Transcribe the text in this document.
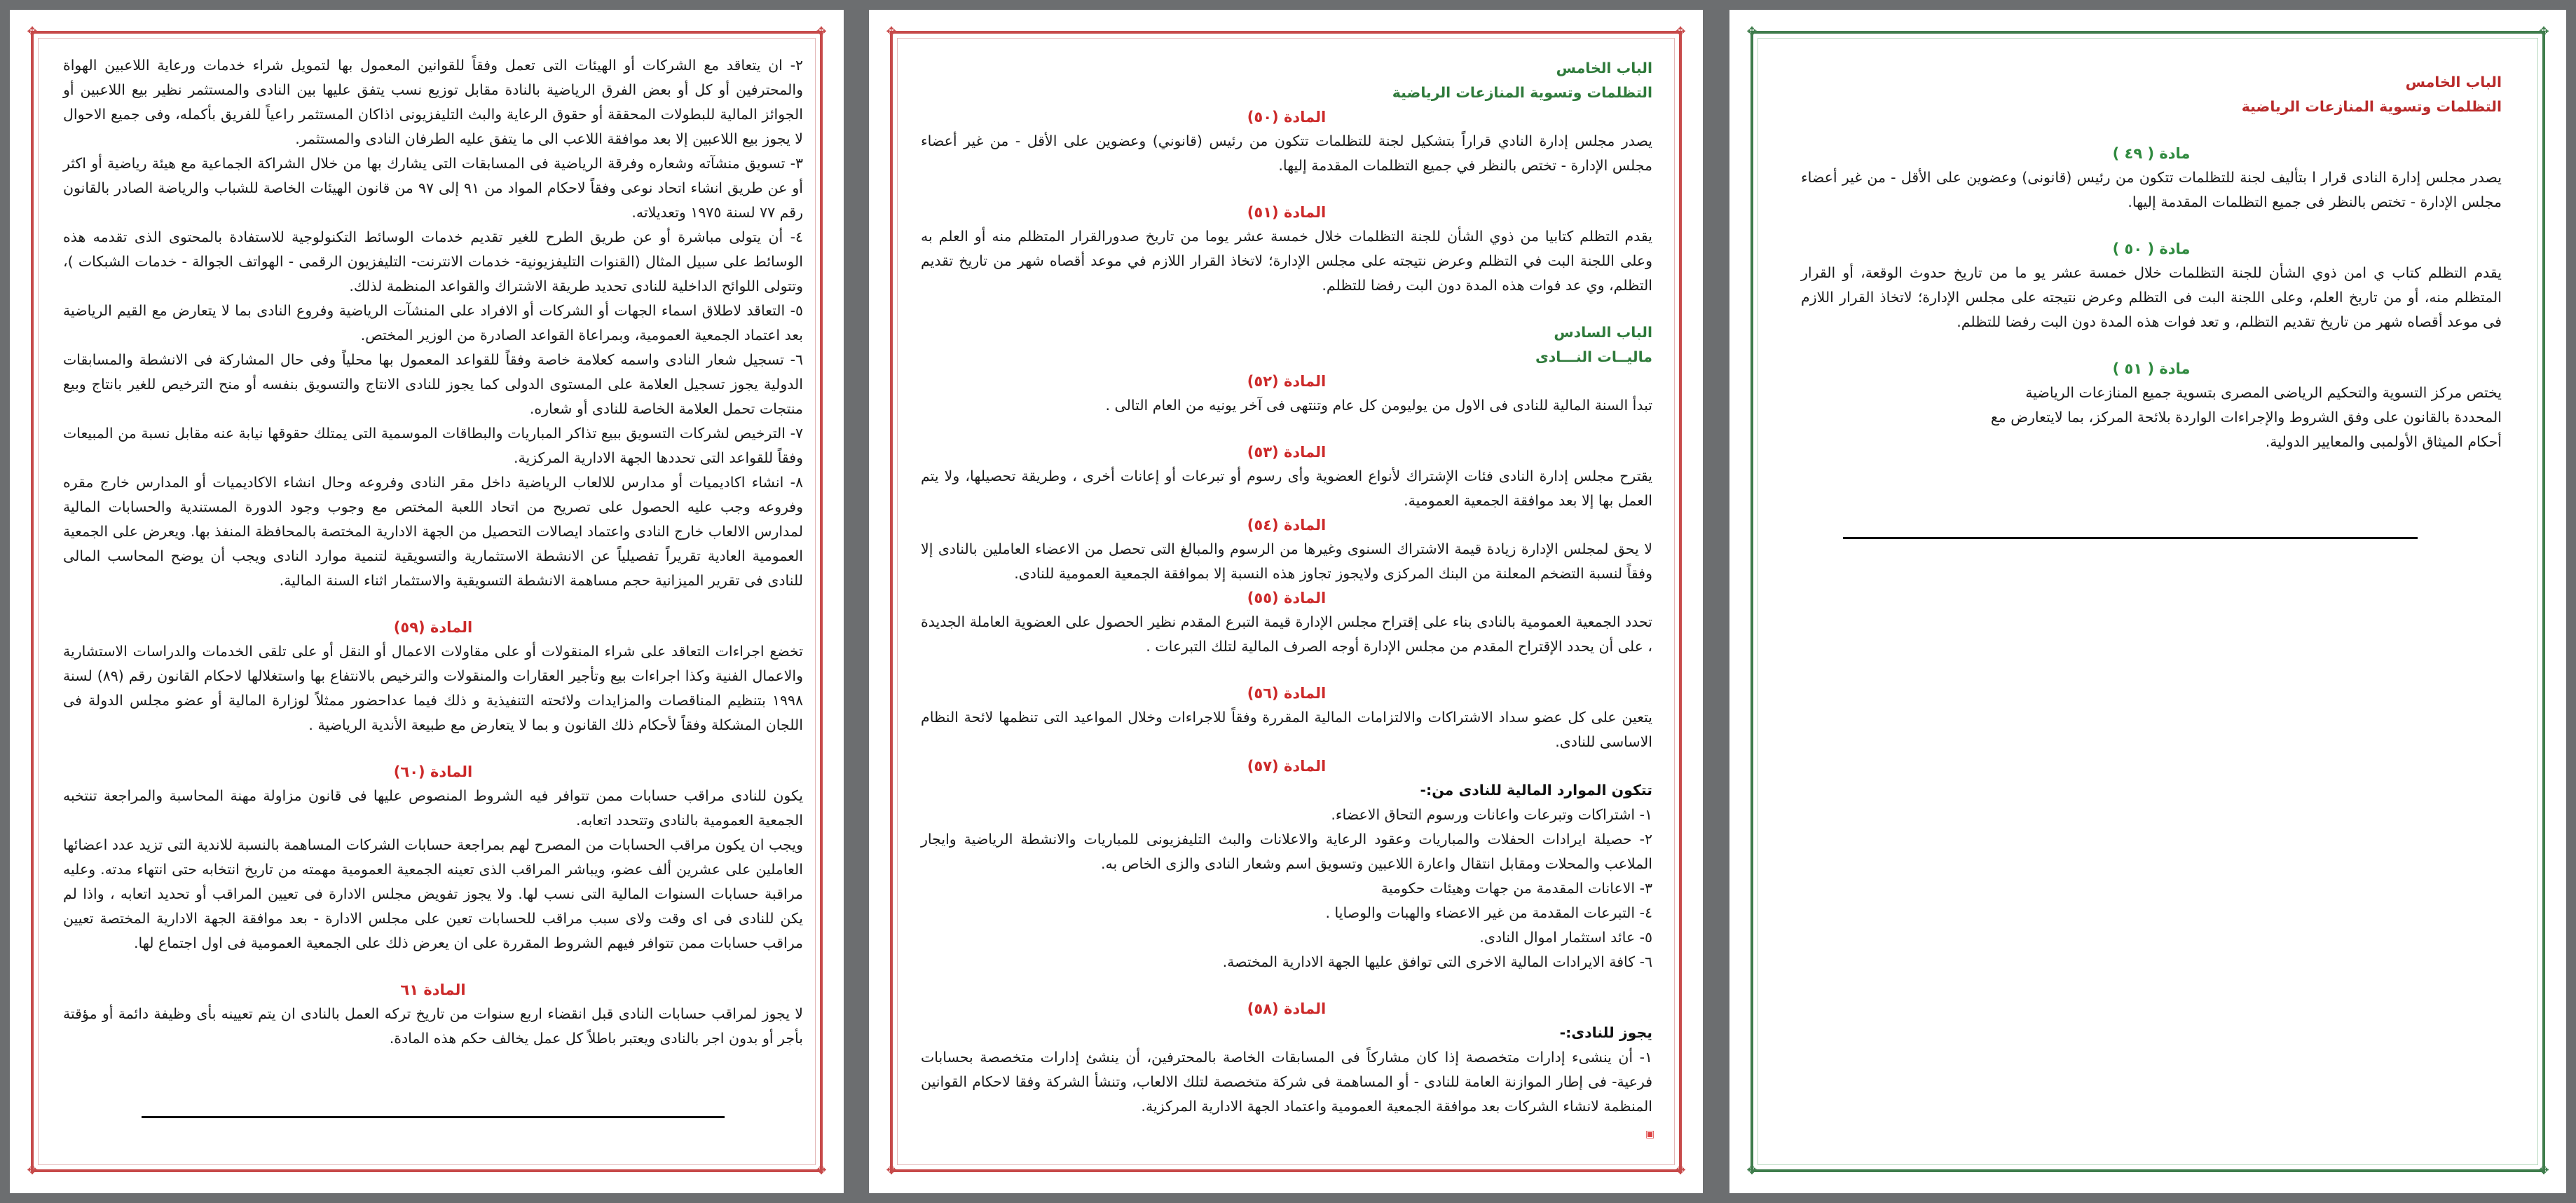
✥	✥
✥	✥

٢- ان يتعاقد مع الشركات أو الهيئات التى تعمل وفقاً للقوانين المعمول بها لتمويل شراء خدمات ورعاية اللاعبين الهواة والمحترفين أو كل أو بعض الفرق الرياضية بالنادة مقابل توزيع نسب يتفق عليها بين النادى والمستثمر نظير بيع اللاعبين أو الجوائز المالية للبطولات المحققة أو حقوق الرعاية والبث التليفزيونى اذاكان المستثمر راعياً للفريق بأكمله، وفى جميع الاحوال لا يجوز بيع اللاعبين إلا بعد موافقة اللاعب الى ما يتفق عليه الطرفان النادى والمستثمر.

٣- تسويق منشآته وشعاره وفرقة الرياضية فى المسابقات التى يشارك بها من خلال الشراكة الجماعية مع هيئة رياضية أو اكثر أو عن طريق انشاء اتحاد نوعى وفقاً لاحكام المواد من ٩١ إلى ٩٧ من قانون الهيئات الخاصة للشباب والرياضة الصادر بالقانون رقم ٧٧ لسنة ١٩٧٥ وتعديلاته.

٤- أن يتولى مباشرة أو عن طريق الطرح للغير تقديم خدمات الوسائط التكنولوجية للاستفادة بالمحتوى الذى تقدمه هذه الوسائط على سبيل المثال (القنوات التليفزيونية- خدمات الانترنت- التليفزيون الرقمى - الهواتف الجوالة - خدمات الشبكات )، وتتولى اللوائح الداخلية للنادى تحديد طريقة الاشتراك والقواعد المنظمة لذلك.

٥- التعاقد لاطلاق اسماء الجهات أو الشركات أو الافراد على المنشآت الرياضية وفروع النادى بما لا يتعارض مع القيم الرياضية بعد اعتماد الجمعية العمومية، وبمراعاة القواعد الصادرة من الوزير المختص.

٦- تسجيل شعار النادى واسمه كعلامة خاصة وفقاً للقواعد المعمول بها محلياً وفى حال المشاركة فى الانشطة والمسابقات الدولية يجوز تسجيل العلامة على المستوى الدولى كما يجوز للنادى الانتاج والتسويق بنفسه أو منح الترخيص للغير بانتاج وبيع منتجات تحمل العلامة الخاصة للنادى أو شعاره.

٧- الترخيص لشركات التسويق ببيع تذاكر المباريات والبطاقات الموسمية التى يمتلك حقوقها نيابة عنه مقابل نسبة من المبيعات وفقاً للقواعد التى تحددها الجهة الادارية المركزية.

٨- انشاء اكاديميات أو مدارس للالعاب الرياضية داخل مقر النادى وفروعه وحال انشاء الاكاديميات أو المدارس خارج مقره وفروعه وجب عليه الحصول على تصريح من اتحاد اللعبة المختص مع وجوب وجود الدورة المستندية والحسابات المالية لمدارس الالعاب خارج النادى واعتماد ايصالات التحصيل من الجهة الادارية المختصة بالمحافظة المنفذ بها. ويعرض على الجمعية العمومية العادية تقريراً تفصيلياً عن الانشطة الاستثمارية والتسويقية لتنمية موارد النادى ويجب أن يوضح المحاسب المالى للنادى فى تقرير الميزانية حجم مساهمة الانشطة التسويقية والاستثمار اثناء السنة المالية.

المادة (٥٩)

تخضع اجراءات التعاقد على شراء المنقولات أو على مقاولات الاعمال أو النقل أو على تلقى الخدمات والدراسات الاستشارية والاعمال الفنية وكذا اجراءات بيع وتأجير العقارات والمنقولات والترخيص بالانتفاع بها واستغلالها لاحكام القانون رقم (٨٩) لسنة ١٩٩٨ بتنظيم المناقصات والمزايدات ولائحته التنفيذية و ذلك فيما عداحضور ممثلاً لوزارة المالية أو عضو مجلس الدولة فى اللجان المشكلة وفقاً لأحكام ذلك القانون و بما لا يتعارض مع طبيعة الأندية الرياضية .

المادة (٦٠)

يكون للنادى مراقب حسابات ممن تتوافر فيه الشروط المنصوص عليها فى قانون مزاولة مهنة المحاسبة والمراجعة تنتخبه الجمعية العمومية بالنادى وتتحدد اتعابه.

ويجب ان يكون مراقب الحسابات من المصرح لهم بمراجعة حسابات الشركات المساهمة بالنسبة للاندية التى تزيد عدد اعضائها العاملين على عشرين ألف عضو، ويباشر المراقب الذى تعينه الجمعية العمومية مهمته من تاريخ انتخابه حتى انتهاء مدته. وعليه مراقبة حسابات السنوات المالية التى نسب لها. ولا يجوز تفويض مجلس الادارة فى تعيين المراقب أو تحديد اتعابه ، واذا لم يكن للنادى فى اى وقت ولاى سبب مراقب للحسابات تعين على مجلس الادارة - بعد موافقة الجهة الادارية المختصة تعيين مراقب حسابات ممن تتوافر فيهم الشروط المقررة على ان يعرض ذلك على الجمعية العمومية فى اول اجتماع لها.

المادة ٦١

لا يجوز لمراقب حسابات النادى قبل انقضاء اربع سنوات من تاريخ تركه العمل بالنادى ان يتم تعيينه بأى وظيفة دائمة أو مؤقتة بأجر أو بدون اجر بالنادى ويعتبر باطلاً كل عمل يخالف حكم هذه المادة.

✥	✥
✥	✥

الباب الخامس

التظلمات وتسوية المنازعات الرياضية

المادة (٥٠)

يصدر مجلس إدارة النادي قراراً بتشكيل لجنة للتظلمات تتكون من رئيس (قانوني) وعضوين على الأقل - من غير أعضاء مجلس الإدارة - تختص بالنظر في جميع التظلمات المقدمة إليها.

المادة (٥١)

يقدم التظلم كتابيا من ذوي الشأن للجنة التظلمات خلال خمسة عشر يوما من تاريخ صدورالقرار المتظلم منه أو العلم به وعلى اللجنة البت في التظلم وعرض نتيجته على مجلس الإدارة؛ لاتخاذ القرار اللازم في موعد أقصاه شهر من تاريخ تقديم التظلم، وي عد فوات هذه المدة دون البت رفضا للتظلم.

الباب السادس

ماليــات النـــادى

المادة (٥٢)

تبدأ السنة المالية للنادى فى الاول من يوليومن كل عام وتنتهى فى آخر يونيه من العام التالى .

المادة (٥٣)

يقترح مجلس إدارة النادى فئات الإشتراك لأنواع العضوية وأى رسوم أو تبرعات أو إعانات أخرى ، وطريقة تحصيلها، ولا يتم العمل بها إلا بعد موافقة الجمعية العمومية.

المادة (٥٤)

لا يحق لمجلس الإدارة زيادة قيمة الاشتراك السنوى وغيرها من الرسوم والمبالغ التى تحصل من الاعضاء العاملين بالنادى إلا وفقاً لنسبة التضخم المعلنة من البنك المركزى ولايجوز تجاوز هذه النسبة إلا بموافقة الجمعية العمومية للنادى.

المادة (٥٥)

تحدد الجمعية العمومية بالنادى بناء على إقتراح مجلس الإدارة قيمة التبرع المقدم نظير الحصول على العضوية العاملة الجديدة ، على أن يحدد الإقتراح المقدم من مجلس الإدارة أوجه الصرف المالية لتلك التبرعات .

المادة (٥٦)

يتعين على كل عضو سداد الاشتراكات والالتزامات المالية المقررة وفقاً للاجراءات وخلال المواعيد التى تنظمها لائحة النظام الاساسى للنادى.

المادة (٥٧)

تتكون الموارد المالية للنادى من:-

١- اشتراكات وتبرعات واعانات ورسوم التحاق الاعضاء.

٢- حصيلة ايرادات الحفلات والمباريات وعقود الرعاية والاعلانات والبث التليفزيونى للمباريات والانشطة الرياضية وايجار الملاعب والمحلات ومقابل انتقال واعارة اللاعبين وتسويق اسم وشعار النادى والزى الخاص به.

٣- الاعانات المقدمة من جهات وهيئات حكومية

٤- التبرعات المقدمة من غير الاعضاء والهبات والوصايا .

٥- عائد استثمار اموال النادى.

٦- كافة الايرادات المالية الاخرى التى توافق عليها الجهة الادارية المختصة.

المادة (٥٨)

يجوز للنادى:-

١- أن ينشىء إدارات متخصصة إذا كان مشاركاً فى المسابقات الخاصة بالمحترفين، أن ينشئ إدارات متخصصة بحسابات فرعية- فى إطار الموازنة العامة للنادى - أو المساهمة فى شركة متخصصة لتلك الالعاب، وتنشأ الشركة وفقا لاحكام القوانين المنظمة لانشاء الشركات بعد موافقة الجمعية العمومية واعتماد الجهة الادارية المركزية.

▣
✥	✥
✥	✥

الباب الخامس

التظلمات وتسوية المنازعات الرياضية

مادة ( ٤٩ )

يصدر مجلس إدارة النادى قرار ا بتأليف لجنة للتظلمات تتكون من رئيس (قانونى) وعضوين على الأقل - من غير أعضاء مجلس الإدارة - تختص بالنظر فى جميع التظلمات المقدمة إليها.

مادة ( ٥٠ )

يقدم التظلم كتاب ي امن ذوي الشأن للجنة التظلمات خلال خمسة عشر يو ما من تاريخ حدوث الوقعة، أو القرار المتظلم منه، أو من تاريخ العلم، وعلى اللجنة البت فى التظلم وعرض نتيجته على مجلس الإدارة؛ لاتخاذ القرار اللازم فى موعد أقصاه شهر من تاريخ تقديم التظلم، و تعد فوات هذه المدة دون البت رفضا للتظلم.

مادة ( ٥١ )

يختص مركز التسوية والتحكيم الرياضى المصرى بتسوية جميع المنازعات الرياضية

المحددة بالقانون على وفق الشروط والإجراءات الواردة بلائحة المركز، بما لايتعارض مع

أحكام الميثاق الأولمبى والمعايير الدولية.
